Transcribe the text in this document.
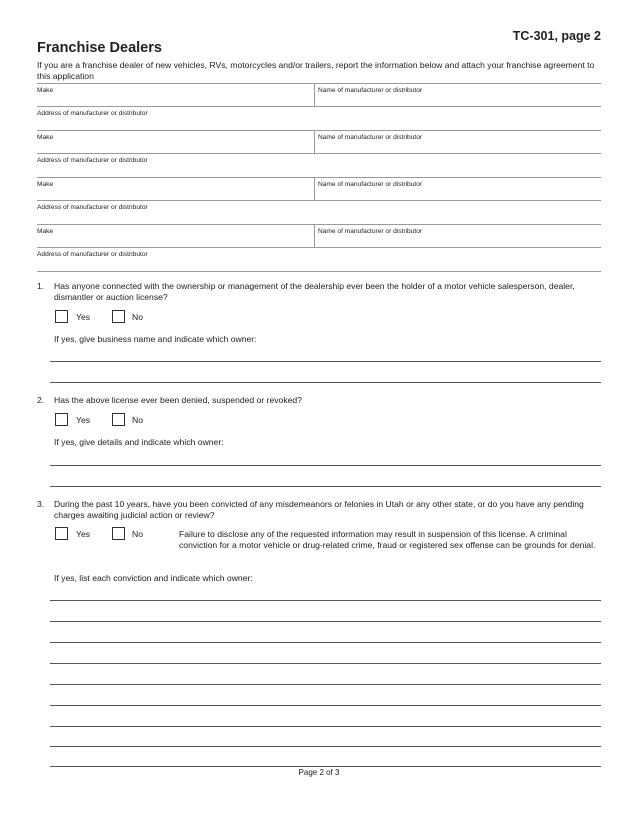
TC-301, page 2
Franchise Dealers
If you are a franchise dealer of new vehicles, RVs, motorcycles and/or trailers, report the information below and attach your franchise agreement to this application
Make	Name of manufacturer or distributor
Address of manufacturer or distributor
Make	Name of manufacturer or distributor
Address of manufacturer or distributor
Make	Name of manufacturer or distributor
Address of manufacturer or distributor
Make	Name of manufacturer or distributor
Address of manufacturer or distributor
1. Has anyone connected with the ownership or management of the dealership ever been the holder of a motor vehicle salesperson, dealer, dismantler or auction license?
Yes	No
If yes, give business name and indicate which owner:
2. Has the above license ever been denied, suspended or revoked?
Yes	No
If yes, give details and indicate which owner:
3. During the past 10 years, have you been convicted of any misdemeanors or felonies in Utah or any other state, or do you have any pending charges awaiting judicial action or review?
Yes	No	Failure to disclose any of the requested information may result in suspension of this license. A criminal conviction for a motor vehicle or drug-related crime, fraud or registered sex offense can be grounds for denial.
If yes, list each conviction and indicate which owner:
Page 2 of 3
